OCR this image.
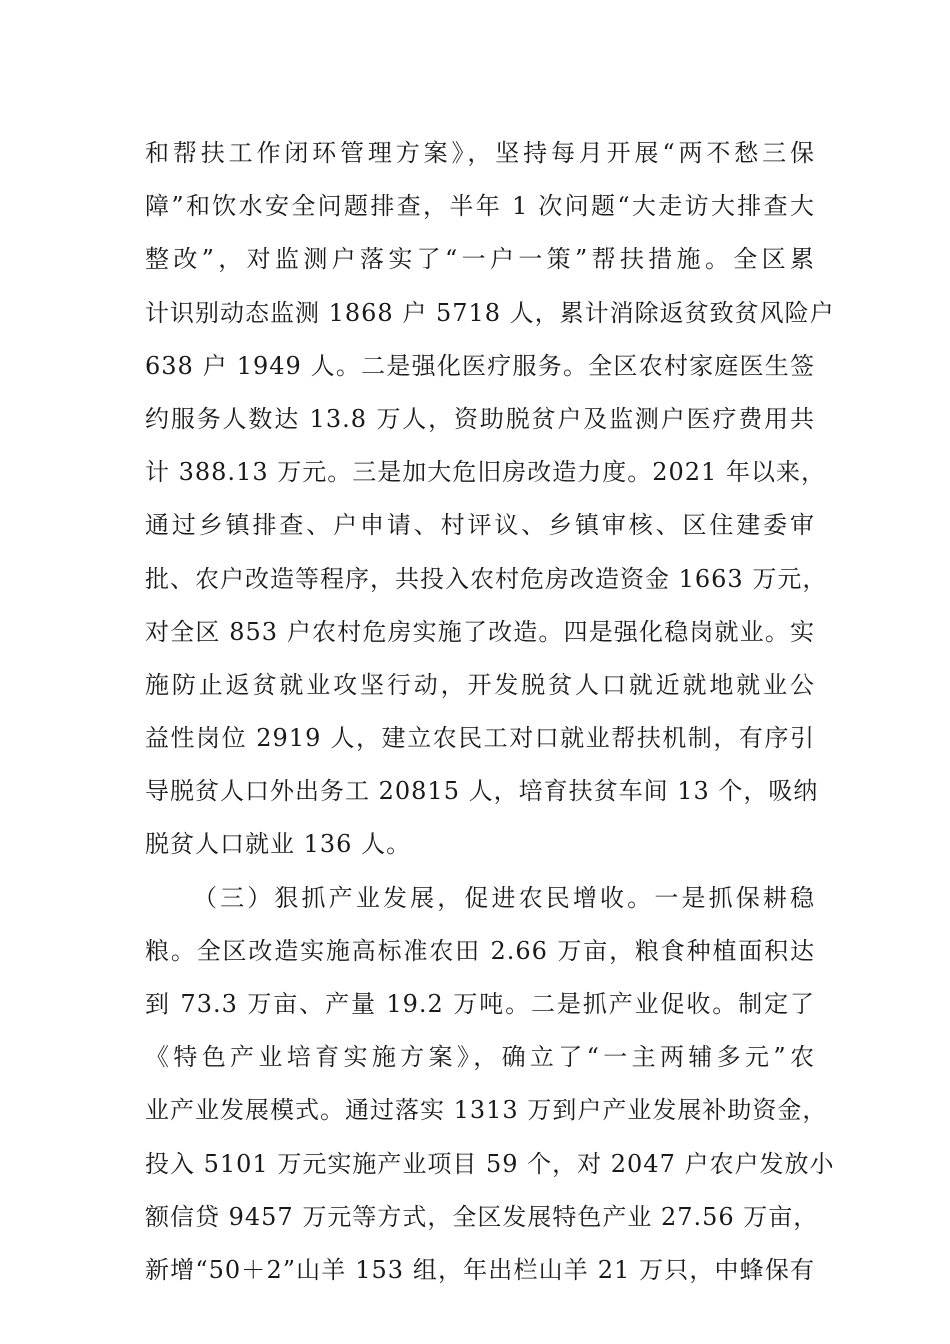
和帮扶工作闭环管理方案》，坚持每月开展“两不愁三保
障”和饮水安全问题排查，半年 1 次问题“大走访大排查大
整改”，对监测户落实了“一户一策”帮扶措施。全区累
计识别动态监测 1868 户 5718 人，累计消除返贫致贫风险户
638 户 1949 人。二是强化医疗服务。全区农村家庭医生签
约服务人数达 13.8 万人，资助脱贫户及监测户医疗费用共
计 388.13 万元。三是加大危旧房改造力度。2021 年以来，
通过乡镇排查、户申请、村评议、乡镇审核、区住建委审
批、农户改造等程序，共投入农村危房改造资金 1663 万元，
对全区 853 户农村危房实施了改造。四是强化稳岗就业。实
施防止返贫就业攻坚行动，开发脱贫人口就近就地就业公
益性岗位 2919 人，建立农民工对口就业帮扶机制，有序引
导脱贫人口外出务工 20815 人，培育扶贫车间 13 个，吸纳
脱贫人口就业 136 人。
（三）狠抓产业发展，促进农民增收。一是抓保耕稳
粮。全区改造实施高标准农田 2.66 万亩，粮食种植面积达
到 73.3 万亩、产量 19.2 万吨。二是抓产业促收。制定了
《特色产业培育实施方案》，确立了“一主两辅多元”农
业产业发展模式。通过落实 1313 万到户产业发展补助资金，
投入 5101 万元实施产业项目 59 个，对 2047 户农户发放小
额信贷 9457 万元等方式，全区发展特色产业 27.56 万亩，
新增“50＋2”山羊 153 组，年出栏山羊 21 万只，中蜂保有
